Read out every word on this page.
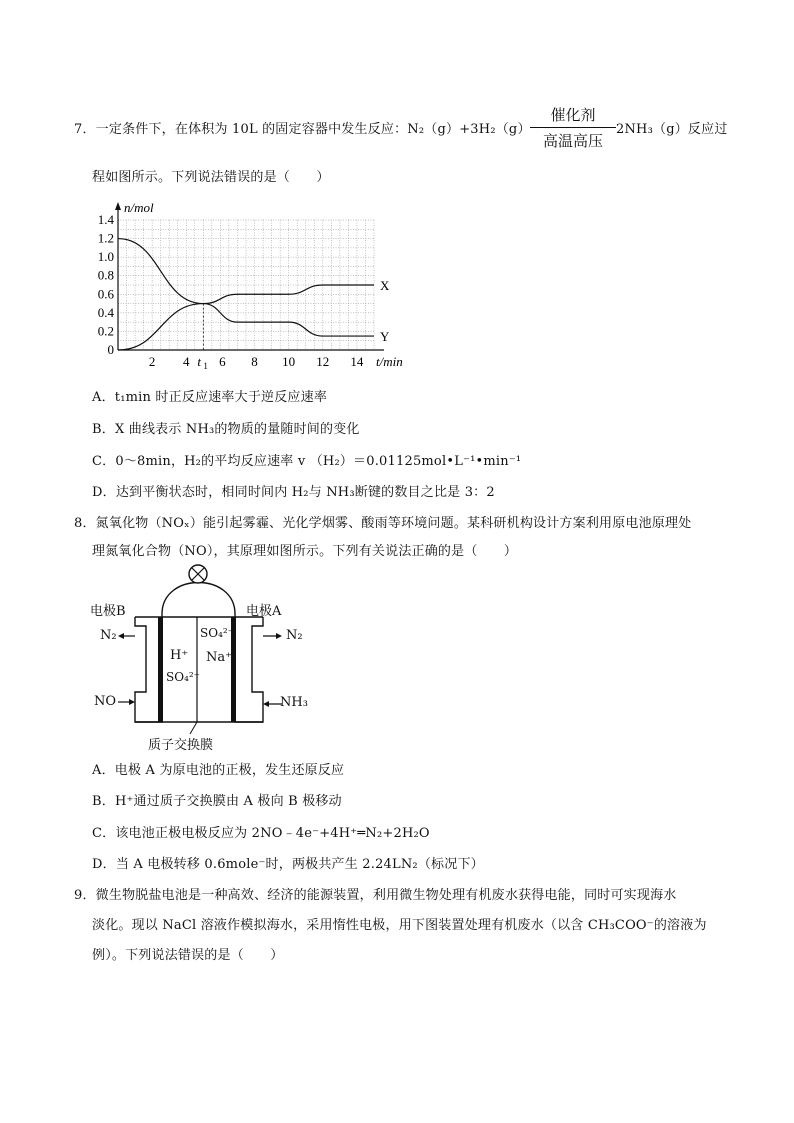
7．一定条件下，在体积为 10L 的固定容器中发生反应：N₂（g）+3H₂（g）
催化剂
高温高压
2NH₃（g）反应过
程如图所示。下列说法错误的是（　　）
n/mol
t/min
0
0.2
0.4
0.6
0.8
1.0
1.2
1.4
2 4 6 8 10 12 14
t 1
X
Y
A．t₁min 时正反应速率大于逆反应速率
B．X 曲线表示 NH₃的物质的量随时间的变化
C．0～8min，H₂的平均反应速率 v （H₂）＝0.01125mol•L⁻¹•min⁻¹
D．达到平衡状态时，相同时间内 H₂与 NH₃断键的数目之比是 3：2
8．氮氧化物（NOₓ）能引起雾霾、光化学烟雾、酸雨等环境问题。某科研机构设计方案利用原电池原理处
理氮氧化合物（NO），其原理如图所示。下列有关说法正确的是（　　）
电极B	电极A
N₂	N₂
NO	NH₃
H⁺
SO₄²⁻
SO₄²⁻
Na⁺
质子交换膜
A．电极 A 为原电池的正极，发生还原反应
B．H⁺通过质子交换膜由 A 极向 B 极移动
C．该电池正极电极反应为 2NO﹣4e⁻+4H⁺═N₂+2H₂O
D．当 A 电极转移 0.6mole⁻时，两极共产生 2.24LN₂（标况下）
9．微生物脱盐电池是一种高效、经济的能源装置，利用微生物处理有机废水获得电能，同时可实现海水
淡化。现以 NaCl 溶液作模拟海水，采用惰性电极，用下图装置处理有机废水（以含 CH₃COO⁻的溶液为
例）。下列说法错误的是（　　）
